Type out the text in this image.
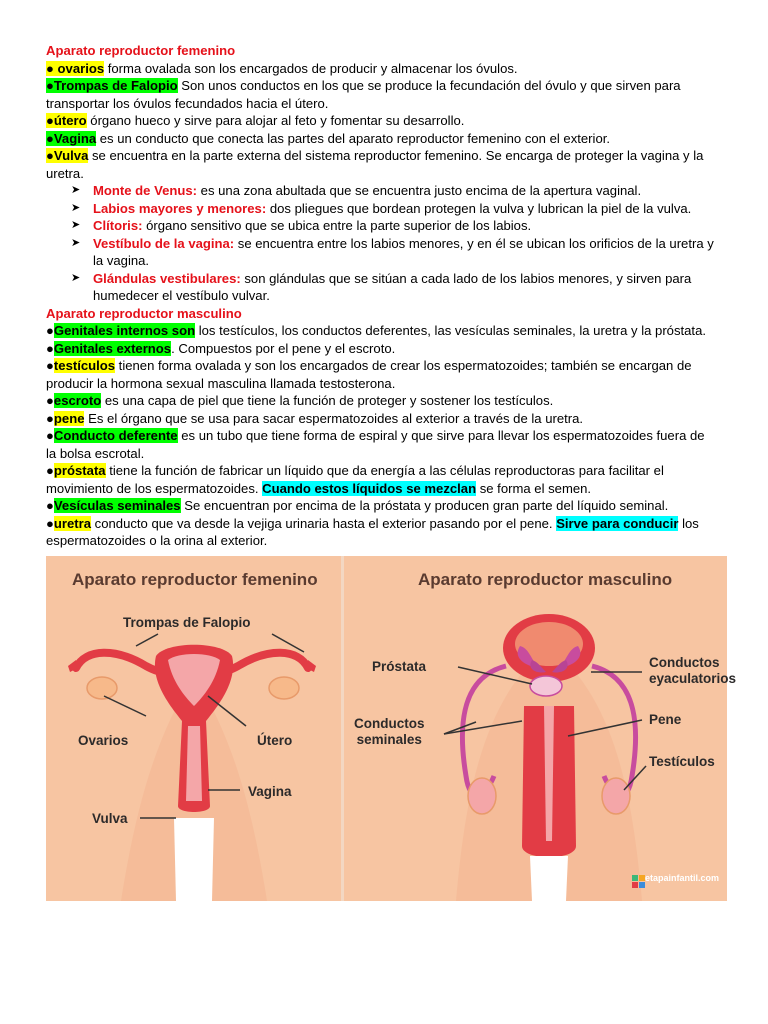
Aparato reproductor femenino

● ovarios forma ovalada son los encargados de producir y almacenar los óvulos.

●Trompas de Falopio Son unos conductos en los que se produce la fecundación del óvulo y que sirven para transportar los óvulos fecundados hacia el útero.

●útero órgano hueco y sirve para alojar al feto y fomentar su desarrollo.

●Vagina es un conducto que conecta las partes del aparato reproductor femenino con el exterior.

●Vulva se encuentra en la parte externa del sistema reproductor femenino. Se encarga de proteger la vagina y la uretra.

➤ Monte de Venus: es una zona abultada que se encuentra justo encima de la apertura vaginal.
➤ Labios mayores y menores: dos pliegues que bordean protegen la vulva y lubrican la piel de la vulva.
➤ Clítoris: órgano sensitivo que se ubica entre la parte superior de los labios.
➤ Vestíbulo de la vagina: se encuentra entre los labios menores, y en él se ubican los orificios de la uretra y la vagina.
➤ Glándulas vestibulares: son glándulas que se sitúan a cada lado de los labios menores, y sirven para humedecer el vestíbulo vulvar.

Aparato reproductor masculino

●Genitales internos son los testículos, los conductos deferentes, las vesículas seminales, la uretra y la próstata.

●Genitales externos. Compuestos por el pene y el escroto.

●testículos tienen forma ovalada y son los encargados de crear los espermatozoides; también se encargan de producir la hormona sexual masculina llamada testosterona.

●escroto es una capa de piel que tiene la función de proteger y sostener los testículos.

●pene Es el órgano que se usa para sacar espermatozoides al exterior a través de la uretra.

●Conducto deferente es un tubo que tiene forma de espiral y que sirve para llevar los espermatozoides fuera de la bolsa escrotal.

●próstata tiene la función de fabricar un líquido que da energía a las células reproductoras para facilitar el movimiento de los espermatozoides. Cuando estos líquidos se mezclan se forma el semen.

●Vesículas seminales Se encuentran por encima de la próstata y producen gran parte del líquido seminal.

●uretra conducto que va desde la vejiga urinaria hasta el exterior pasando por el pene. Sirve para conducir los espermatozoides o la orina al exterior.

Aparato reproductor femenino	Aparato reproductor masculino
Trompas de Falopio
Ovarios	Útero
Vagina
Vulva
Próstata	Conductos
eyaculatorios
Conductos
seminales
Pene
Testículos
etapainfantil.com
